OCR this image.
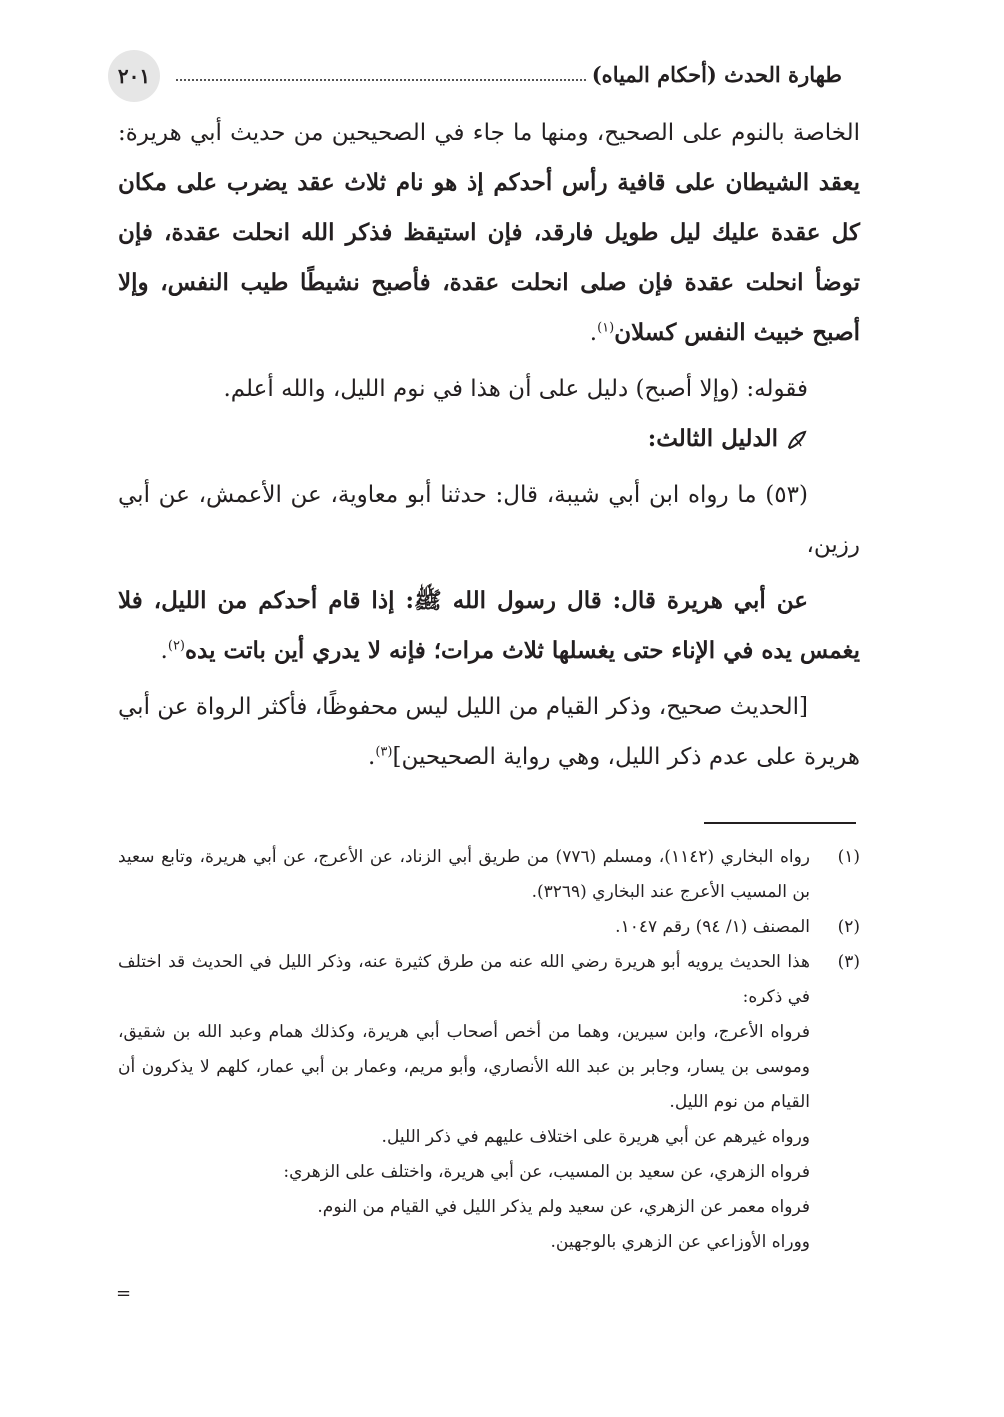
٢٠١	طهارة الحدث (أحكام المياه)

الخاصة بالنوم على الصحيح، ومنها ما جاء في الصحيحين من حديث أبي هريرة: يعقد الشيطان على قافية رأس أحدكم إذ هو نام ثلاث عقد يضرب على مكان كل عقدة عليك ليل طويل فارقد، فإن استيقظ فذكر الله انحلت عقدة، فإن توضأ انحلت عقدة فإن صلى انحلت عقدة، فأصبح نشيطًا طيب النفس، وإلا أصبح خبيث النفس كسلان$^{(١)}$.

فقوله: (وإلا أصبح) دليل على أن هذا في نوم الليل، والله أعلم.

الدليل الثالث:

(٥٣) ما رواه ابن أبي شيبة، قال: حدثنا أبو معاوية، عن الأعمش، عن أبي رزين،

عن أبي هريرة قال: قال رسول الله ﷺ: إذا قام أحدكم من الليل، فلا يغمس يده في الإناء حتى يغسلها ثلاث مرات؛ فإنه لا يدري أين باتت يده$^{(٢)}$.

[الحديث صحيح، وذكر القيام من الليل ليس محفوظًا، فأكثر الرواة عن أبي هريرة على عدم ذكر الليل، وهي رواية الصحيحين]$^{(٣)}$.

(١)
رواه البخاري (١١٤٢)، ومسلم (٧٧٦) من طريق أبي الزناد، عن الأعرج، عن أبي هريرة، وتابع سعيد بن المسيب الأعرج عند البخاري (٣٢٦٩).
(٢)
المصنف (١/ ٩٤) رقم ١٠٤٧.
(٣)
هذا الحديث يرويه أبو هريرة رضي الله عنه من طرق كثيرة عنه، وذكر الليل في الحديث قد اختلف في ذكره:
فرواه الأعرج، وابن سيرين، وهما من أخص أصحاب أبي هريرة، وكذلك همام وعبد الله بن شقيق، وموسى بن يسار، وجابر بن عبد الله الأنصاري، وأبو مريم، وعمار بن أبي عمار، كلهم لا يذكرون أن القيام من نوم الليل.
ورواه غيرهم عن أبي هريرة على اختلاف عليهم في ذكر الليل.
فرواه الزهري، عن سعيد بن المسيب، عن أبي هريرة، واختلف على الزهري:
فرواه معمر عن الزهري، عن سعيد ولم يذكر الليل في القيام من النوم.
ووراه الأوزاعي عن الزهري بالوجهين.
=
